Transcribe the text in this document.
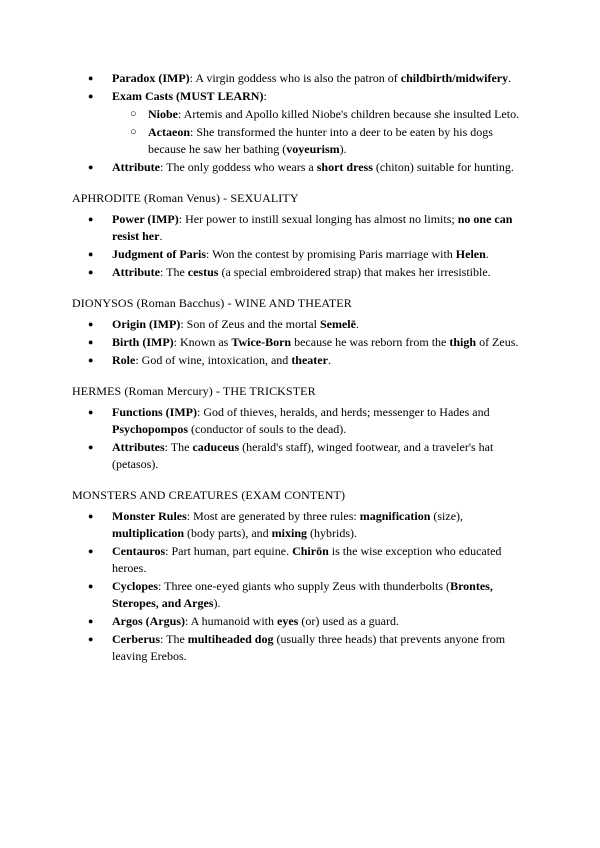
● Paradox (IMP): A virgin goddess who is also the patron of childbirth/midwifery.
● Exam Casts (MUST LEARN):
○ Niobe: Artemis and Apollo killed Niobe's children because she insulted Leto.
○ Actaeon: She transformed the hunter into a deer to be eaten by his dogs because he saw her bathing (voyeurism).
● Attribute: The only goddess who wears a short dress (chiton) suitable for hunting.
APHRODITE (Roman Venus) - SEXUALITY
● Power (IMP): Her power to instill sexual longing has almost no limits; no one can resist her.
● Judgment of Paris: Won the contest by promising Paris marriage with Helen.
● Attribute: The cestus (a special embroidered strap) that makes her irresistible.
DIONYSOS (Roman Bacchus) - WINE AND THEATER
● Origin (IMP): Son of Zeus and the mortal Semelē.
● Birth (IMP): Known as Twice-Born because he was reborn from the thigh of Zeus.
● Role: God of wine, intoxication, and theater.
HERMES (Roman Mercury) - THE TRICKSTER
● Functions (IMP): God of thieves, heralds, and herds; messenger to Hades and Psychopompos (conductor of souls to the dead).
● Attributes: The caduceus (herald's staff), winged footwear, and a traveler's hat (petasos).
MONSTERS AND CREATURES (EXAM CONTENT)
● Monster Rules: Most are generated by three rules: magnification (size), multiplication (body parts), and mixing (hybrids).
● Centauros: Part human, part equine. Chirōn is the wise exception who educated heroes.
● Cyclopes: Three one-eyed giants who supply Zeus with thunderbolts (Brontes, Steropes, and Arges).
● Argos (Argus): A humanoid with eyes (or) used as a guard.
● Cerberus: The multiheaded dog (usually three heads) that prevents anyone from leaving Erebos.
